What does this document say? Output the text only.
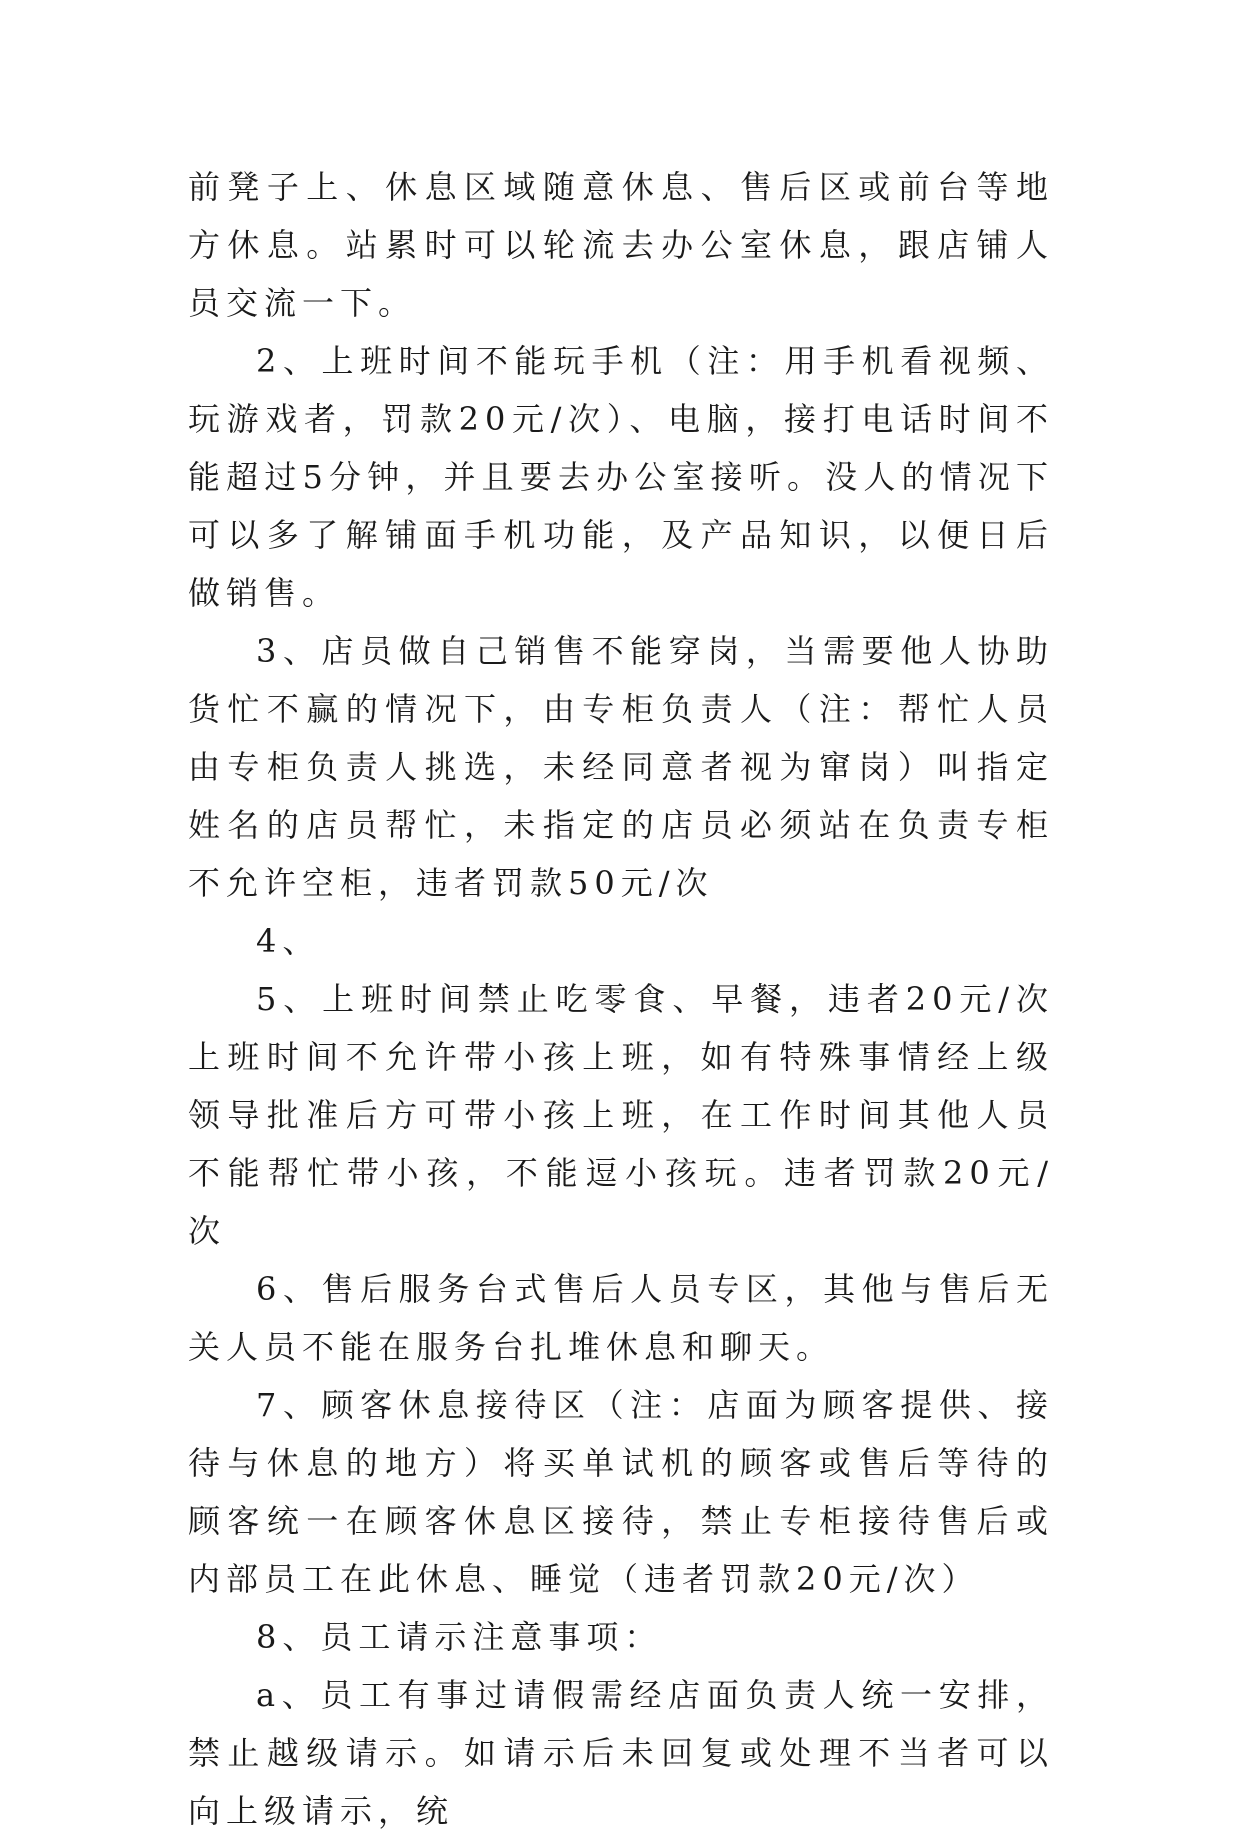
前凳子上、休息区域随意休息、售后区或前台等地方休息。站累时可以轮流去办公室休息，跟店铺人员交流一下。

2、上班时间不能玩手机（注：用手机看视频、玩游戏者，罚款20元/次）、电脑，接打电话时间不能超过5分钟，并且要去办公室接听。没人的情况下可以多了解铺面手机功能，及产品知识，以便日后做销售。

3、店员做自己销售不能穿岗，当需要他人协助货忙不赢的情况下，由专柜负责人（注：帮忙人员由专柜负责人挑选，未经同意者视为窜岗）叫指定姓名的店员帮忙，未指定的店员必须站在负责专柜不允许空柜，违者罚款50元/次

4、

5、上班时间禁止吃零食、早餐，违者20元/次上班时间不允许带小孩上班，如有特殊事情经上级领导批准后方可带小孩上班，在工作时间其他人员不能帮忙带小孩，不能逗小孩玩。违者罚款20元/次

6、售后服务台式售后人员专区，其他与售后无关人员不能在服务台扎堆休息和聊天。

7、顾客休息接待区（注：店面为顾客提供、接待与休息的地方）将买单试机的顾客或售后等待的顾客统一在顾客休息区接待，禁止专柜接待售后或内部员工在此休息、睡觉（违者罚款20元/次）

8、员工请示注意事项：

a、员工有事过请假需经店面负责人统一安排，禁止越级请示。如请示后未回复或处理不当者可以向上级请示，统
